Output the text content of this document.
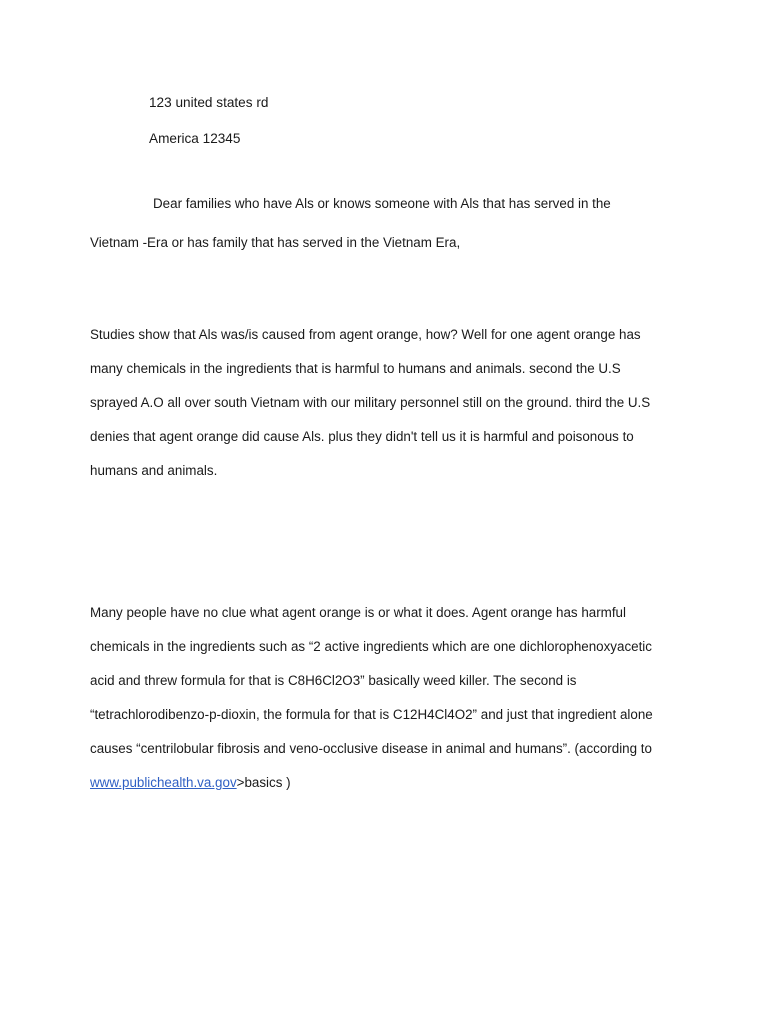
123 united states rd
America 12345
Dear families who have Als or knows someone with Als that has served in the
Vietnam -Era or has family that has served in the Vietnam Era,
Studies show that Als was/is caused from agent orange, how? Well for one agent orange has
many chemicals in the ingredients that is harmful to humans and animals. second the U.S
sprayed A.O all over south Vietnam with our military personnel still on the ground. third the U.S
denies that agent orange did cause Als. plus they didn't tell us it is harmful and poisonous to
humans and animals.
Many people have no clue what agent orange is or what it does. Agent orange has harmful
chemicals in the ingredients such as “2 active ingredients which are one dichlorophenoxyacetic
acid and threw formula for that is C8H6Cl2O3” basically weed killer. The second is
“tetrachlorodibenzo-p-dioxin, the formula for that is C12H4Cl4O2” and just that ingredient alone
causes “centrilobular fibrosis and veno-occlusive disease in animal and humans”. (according to
www.publichealth.va.gov>basics )
